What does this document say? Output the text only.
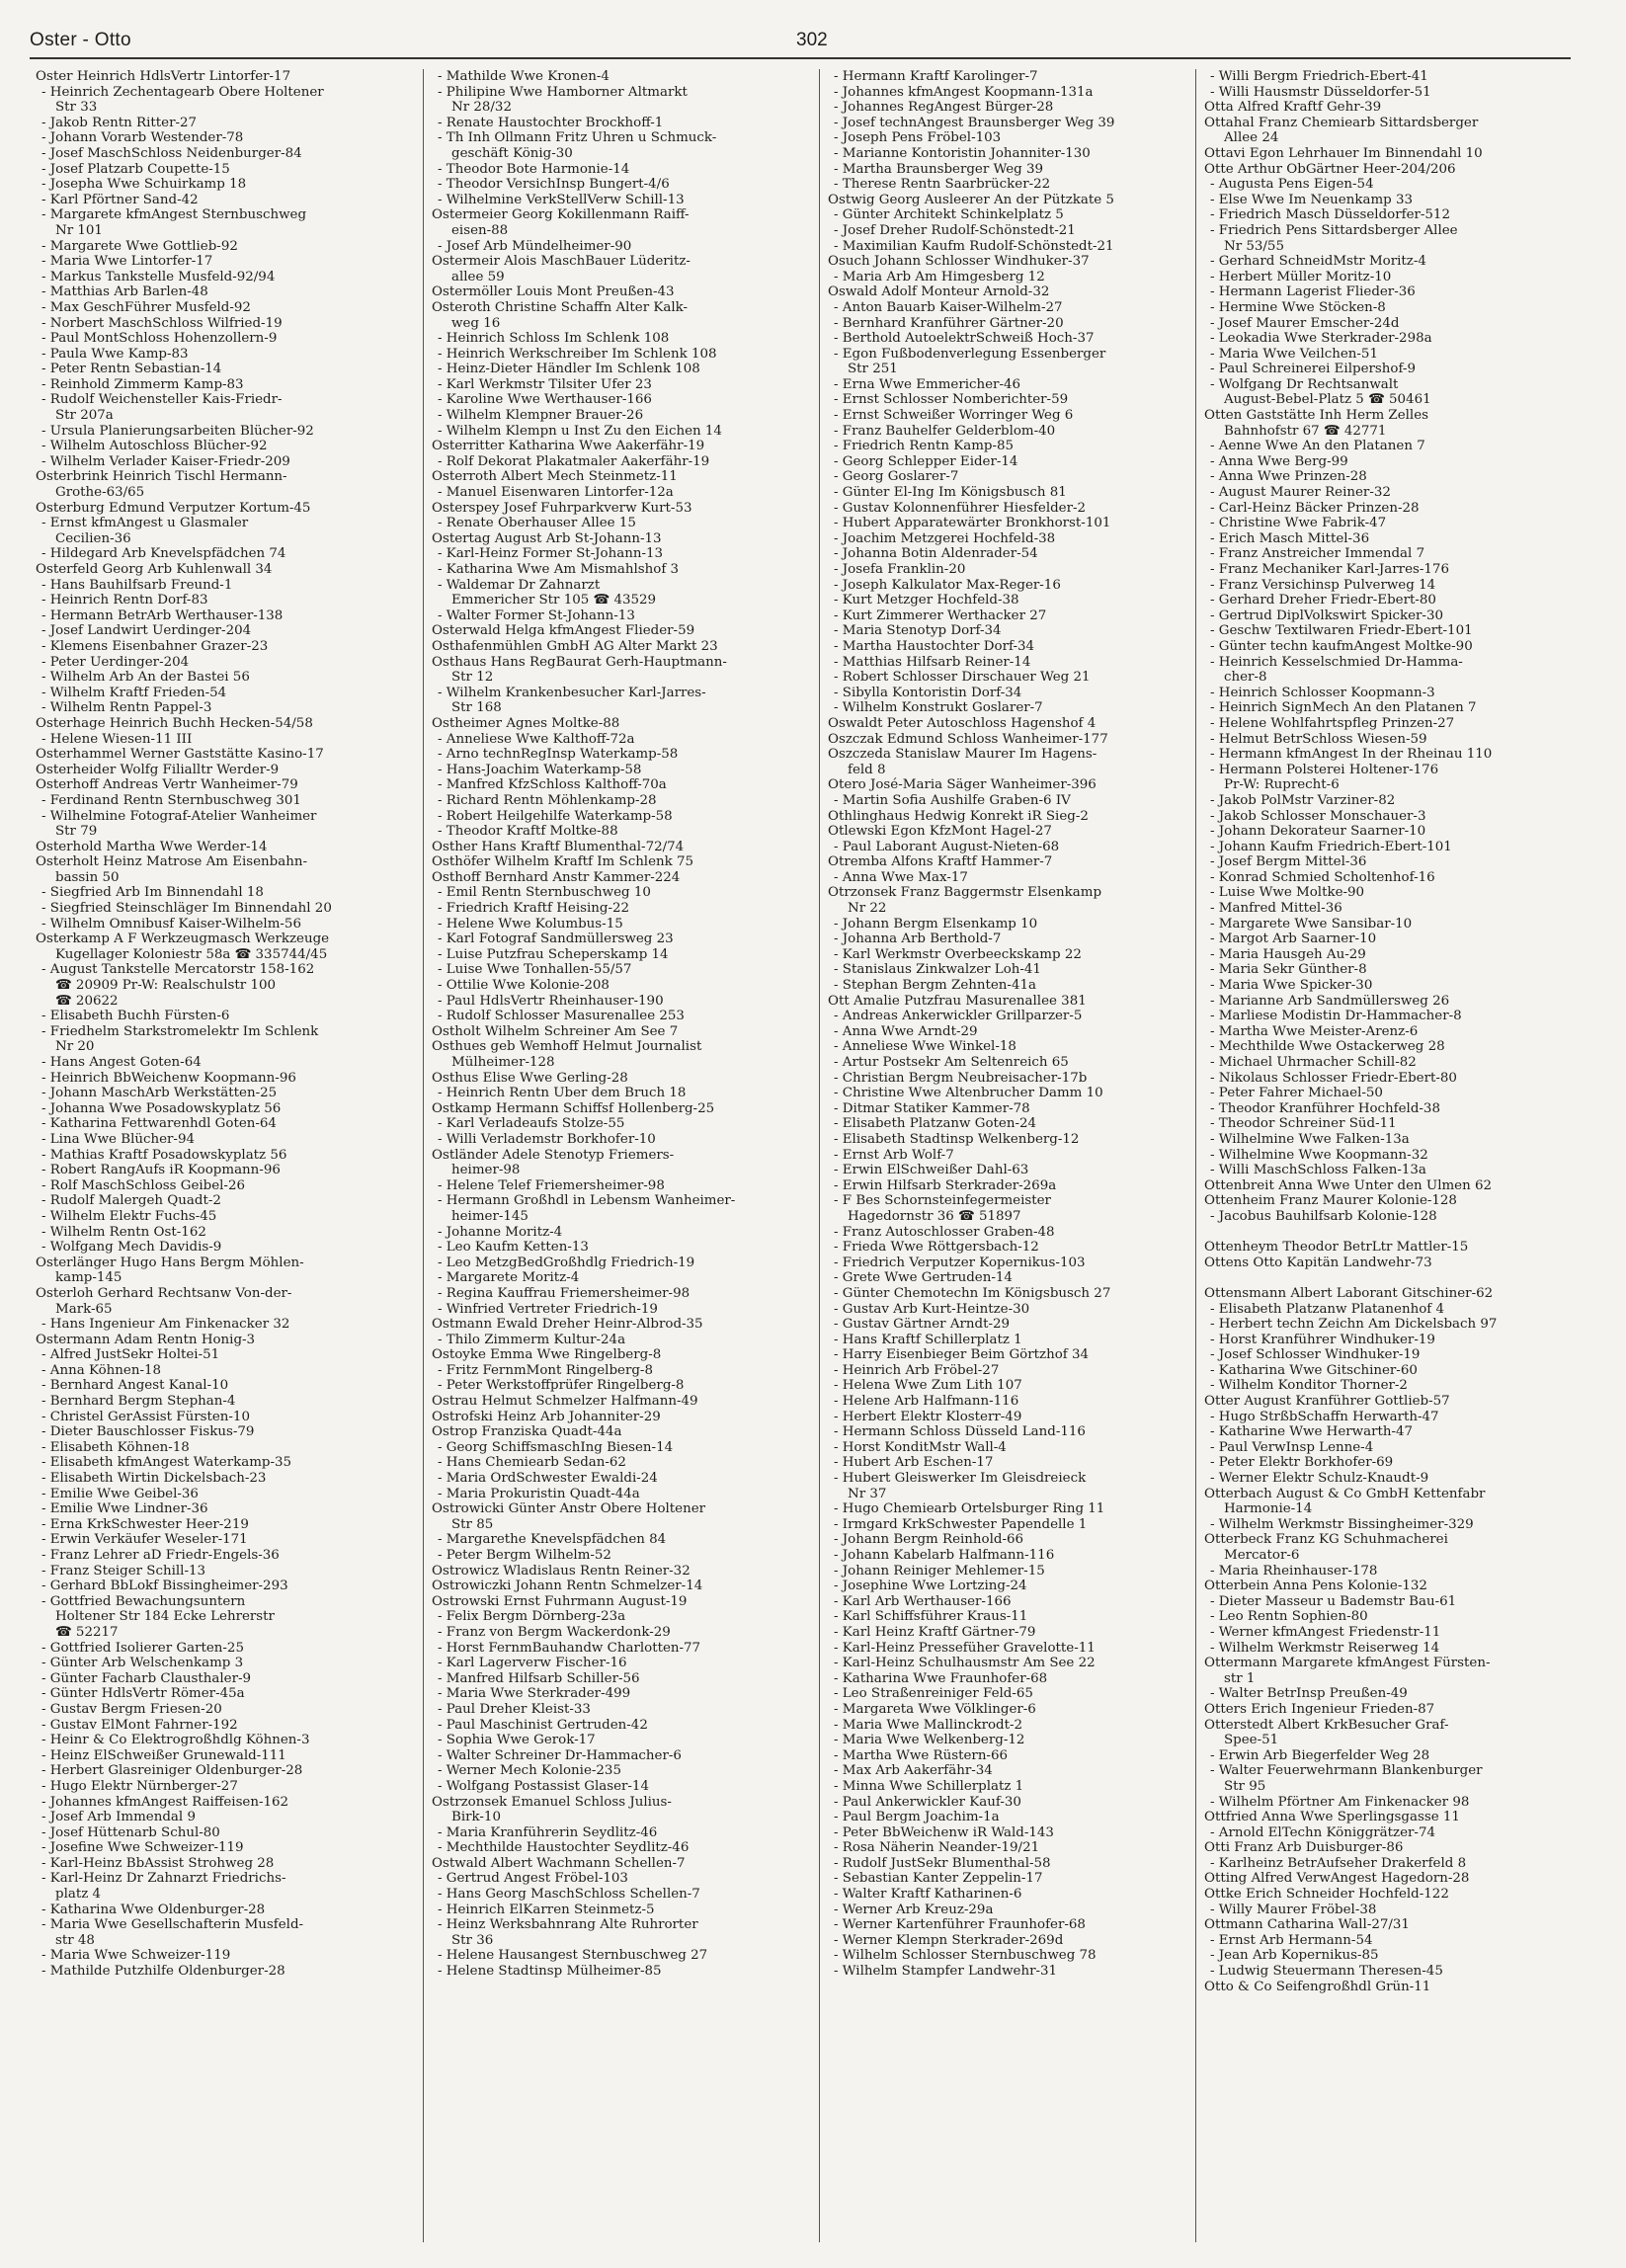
Oster - Otto	302
Oster Heinrich HdlsVertr Lintorfer-17
- Heinrich Zechentagearb Obere Holtener
Str 33
- Jakob Rentn Ritter-27
- Johann Vorarb Westender-78
- Josef MaschSchloss Neidenburger-84
- Josef Platzarb Coupette-15
- Josepha Wwe Schuirkamp 18
- Karl Pförtner Sand-42
- Margarete kfmAngest Sternbuschweg
Nr 101
- Margarete Wwe Gottlieb-92
- Maria Wwe Lintorfer-17
- Markus Tankstelle Musfeld-92/94
- Matthias Arb Barlen-48
- Max GeschFührer Musfeld-92
- Norbert MaschSchloss Wilfried-19
- Paul MontSchloss Hohenzollern-9
- Paula Wwe Kamp-83
- Peter Rentn Sebastian-14
- Reinhold Zimmerm Kamp-83
- Rudolf Weichensteller Kais-Friedr-
Str 207a
- Ursula Planierungsarbeiten Blücher-92
- Wilhelm Autoschloss Blücher-92
- Wilhelm Verlader Kaiser-Friedr-209
Osterbrink Heinrich Tischl Hermann-
Grothe-63/65
Osterburg Edmund Verputzer Kortum-45
- Ernst kfmAngest u Glasmaler
Cecilien-36
- Hildegard Arb Knevelspfädchen 74
Osterfeld Georg Arb Kuhlenwall 34
- Hans Bauhilfsarb Freund-1
- Heinrich Rentn Dorf-83
- Hermann BetrArb Werthauser-138
- Josef Landwirt Uerdinger-204
- Klemens Eisenbahner Grazer-23
- Peter Uerdinger-204
- Wilhelm Arb An der Bastei 56
- Wilhelm Kraftf Frieden-54
- Wilhelm Rentn Pappel-3
Osterhage Heinrich Buchh Hecken-54/58
- Helene Wiesen-11 III
Osterhammel Werner Gaststätte Kasino-17
Osterheider Wolfg Filialltr Werder-9
Osterhoff Andreas Vertr Wanheimer-79
- Ferdinand Rentn Sternbuschweg 301
- Wilhelmine Fotograf-Atelier Wanheimer
Str 79
Osterhold Martha Wwe Werder-14
Osterholt Heinz Matrose Am Eisenbahn-
bassin 50
- Siegfried Arb Im Binnendahl 18
- Siegfried Steinschläger Im Binnendahl 20
- Wilhelm Omnibusf Kaiser-Wilhelm-56
Osterkamp A F Werkzeugmasch Werkzeuge
Kugellager Koloniestr 58a ☎ 335744/45
- August Tankstelle Mercatorstr 158-162
☎ 20909 Pr-W: Realschulstr 100
☎ 20622
- Elisabeth Buchh Fürsten-6
- Friedhelm Starkstromelektr Im Schlenk
Nr 20
- Hans Angest Goten-64
- Heinrich BbWeichenw Koopmann-96
- Johann MaschArb Werkstätten-25
- Johanna Wwe Posadowskyplatz 56
- Katharina Fettwarenhdl Goten-64
- Lina Wwe Blücher-94
- Mathias Kraftf Posadowskyplatz 56
- Robert RangAufs iR Koopmann-96
- Rolf MaschSchloss Geibel-26
- Rudolf Malergeh Quadt-2
- Wilhelm Elektr Fuchs-45
- Wilhelm Rentn Ost-162
- Wolfgang Mech Davidis-9
Osterlänger Hugo Hans Bergm Möhlen-
kamp-145
Osterloh Gerhard Rechtsanw Von-der-
Mark-65
- Hans Ingenieur Am Finkenacker 32
Ostermann Adam Rentn Honig-3
- Alfred JustSekr Holtei-51
- Anna Köhnen-18
- Bernhard Angest Kanal-10
- Bernhard Bergm Stephan-4
- Christel GerAssist Fürsten-10
- Dieter Bauschlosser Fiskus-79
- Elisabeth Köhnen-18
- Elisabeth kfmAngest Waterkamp-35
- Elisabeth Wirtin Dickelsbach-23
- Emilie Wwe Geibel-36
- Emilie Wwe Lindner-36
- Erna KrkSchwester Heer-219
- Erwin Verkäufer Weseler-171
- Franz Lehrer aD Friedr-Engels-36
- Franz Steiger Schill-13
- Gerhard BbLokf Bissingheimer-293
- Gottfried Bewachungsuntern
Holtener Str 184 Ecke Lehrerstr
☎ 52217
- Gottfried Isolierer Garten-25
- Günter Arb Welschenkamp 3
- Günter Facharb Clausthaler-9
- Günter HdlsVertr Römer-45a
- Gustav Bergm Friesen-20
- Gustav ElMont Fahrner-192
- Heinr & Co Elektrogroßhdlg Köhnen-3
- Heinz ElSchweißer Grunewald-111
- Herbert Glasreiniger Oldenburger-28
- Hugo Elektr Nürnberger-27
- Johannes kfmAngest Raiffeisen-162
- Josef Arb Immendal 9
- Josef Hüttenarb Schul-80
- Josefine Wwe Schweizer-119
- Karl-Heinz BbAssist Strohweg 28
- Karl-Heinz Dr Zahnarzt Friedrichs-
platz 4
- Katharina Wwe Oldenburger-28
- Maria Wwe Gesellschafterin Musfeld-
str 48
- Maria Wwe Schweizer-119
- Mathilde Putzhilfe Oldenburger-28
- Mathilde Wwe Kronen-4
- Philipine Wwe Hamborner Altmarkt
Nr 28/32
- Renate Haustochter Brockhoff-1
- Th Inh Ollmann Fritz Uhren u Schmuck-
geschäft König-30
- Theodor Bote Harmonie-14
- Theodor VersichInsp Bungert-4/6
- Wilhelmine VerkStellVerw Schill-13
Ostermeier Georg Kokillenmann Raiff-
eisen-88
- Josef Arb Mündelheimer-90
Ostermeir Alois MaschBauer Lüderitz-
allee 59
Ostermöller Louis Mont Preußen-43
Osteroth Christine Schaffn Alter Kalk-
weg 16
- Heinrich Schloss Im Schlenk 108
- Heinrich Werkschreiber Im Schlenk 108
- Heinz-Dieter Händler Im Schlenk 108
- Karl Werkmstr Tilsiter Ufer 23
- Karoline Wwe Werthauser-166
- Wilhelm Klempner Brauer-26
- Wilhelm Klempn u Inst Zu den Eichen 14
Osterritter Katharina Wwe Aakerfähr-19
- Rolf Dekorat Plakatmaler Aakerfähr-19
Osterroth Albert Mech Steinmetz-11
- Manuel Eisenwaren Lintorfer-12a
Osterspey Josef Fuhrparkverw Kurt-53
- Renate Oberhauser Allee 15
Ostertag August Arb St-Johann-13
- Karl-Heinz Former St-Johann-13
- Katharina Wwe Am Mismahlshof 3
- Waldemar Dr Zahnarzt
Emmericher Str 105 ☎ 43529
- Walter Former St-Johann-13
Osterwald Helga kfmAngest Flieder-59
Osthafenmühlen GmbH AG Alter Markt 23
Osthaus Hans RegBaurat Gerh-Hauptmann-
Str 12
- Wilhelm Krankenbesucher Karl-Jarres-
Str 168
Ostheimer Agnes Moltke-88
- Anneliese Wwe Kalthoff-72a
- Arno technRegInsp Waterkamp-58
- Hans-Joachim Waterkamp-58
- Manfred KfzSchloss Kalthoff-70a
- Richard Rentn Möhlenkamp-28
- Robert Heilgehilfe Waterkamp-58
- Theodor Kraftf Moltke-88
Osther Hans Kraftf Blumenthal-72/74
Osthöfer Wilhelm Kraftf Im Schlenk 75
Osthoff Bernhard Anstr Kammer-224
- Emil Rentn Sternbuschweg 10
- Friedrich Kraftf Heising-22
- Helene Wwe Kolumbus-15
- Karl Fotograf Sandmüllersweg 23
- Luise Putzfrau Scheperskamp 14
- Luise Wwe Tonhallen-55/57
- Ottilie Wwe Kolonie-208
- Paul HdlsVertr Rheinhauser-190
- Rudolf Schlosser Masurenallee 253
Ostholt Wilhelm Schreiner Am See 7
Osthues geb Wemhoff Helmut Journalist
Mülheimer-128
Osthus Elise Wwe Gerling-28
- Heinrich Rentn Über dem Bruch 18
Ostkamp Hermann Schiffsf Hollenberg-25
- Karl Verladeaufs Stolze-55
- Willi Verlademstr Borkhofer-10
Ostländer Adele Stenotyp Friemers-
heimer-98
- Helene Telef Friemersheimer-98
- Hermann Großhdl in Lebensm Wanheimer-
heimer-145
- Johanne Moritz-4
- Leo Kaufm Ketten-13
- Leo MetzgBedGroßhdlg Friedrich-19
- Margarete Moritz-4
- Regina Kauffrau Friemersheimer-98
- Winfried Vertreter Friedrich-19
Ostmann Ewald Dreher Heinr-Albrod-35
- Thilo Zimmerm Kultur-24a
Ostoyke Emma Wwe Ringelberg-8
- Fritz FernmMont Ringelberg-8
- Peter Werkstoffprüfer Ringelberg-8
Ostrau Helmut Schmelzer Halfmann-49
Ostrofski Heinz Arb Johanniter-29
Ostrop Franziska Quadt-44a
- Georg SchiffsmaschIng Biesen-14
- Hans Chemiearb Sedan-62
- Maria OrdSchwester Ewaldi-24
- Maria Prokuristin Quadt-44a
Ostrowicki Günter Anstr Obere Holtener
Str 85
- Margarethe Knevelspfädchen 84
- Peter Bergm Wilhelm-52
Ostrowicz Wladislaus Rentn Reiner-32
Ostrowiczki Johann Rentn Schmelzer-14
Ostrowski Ernst Fuhrmann August-19
- Felix Bergm Dörnberg-23a
- Franz von Bergm Wackerdonk-29
- Horst FernmBauhandw Charlotten-77
- Karl Lagerverw Fischer-16
- Manfred Hilfsarb Schiller-56
- Maria Wwe Sterkrader-499
- Paul Dreher Kleist-33
- Paul Maschinist Gertruden-42
- Sophia Wwe Gerok-17
- Walter Schreiner Dr-Hammacher-6
- Werner Mech Kolonie-235
- Wolfgang Postassist Glaser-14
Ostrzonsek Emanuel Schloss Julius-
Birk-10
- Maria Kranführerin Seydlitz-46
- Mechthilde Haustochter Seydlitz-46
Ostwald Albert Wachmann Schellen-7
- Gertrud Angest Fröbel-103
- Hans Georg MaschSchloss Schellen-7
- Heinrich ElKarren Steinmetz-5
- Heinz Werksbahnrang Alte Ruhrorter
Str 36
- Helene Hausangest Sternbuschweg 27
- Helene Stadtinsp Mülheimer-85
- Hermann Kraftf Karolinger-7
- Johannes kfmAngest Koopmann-131a
- Johannes RegAngest Bürger-28
- Josef technAngest Braunsberger Weg 39
- Joseph Pens Fröbel-103
- Marianne Kontoristin Johanniter-130
- Martha Braunsberger Weg 39
- Therese Rentn Saarbrücker-22
Ostwig Georg Ausleerer An der Pützkate 5
- Günter Architekt Schinkelplatz 5
- Josef Dreher Rudolf-Schönstedt-21
- Maximilian Kaufm Rudolf-Schönstedt-21
Osuch Johann Schlosser Windhuker-37
- Maria Arb Am Himgesberg 12
Oswald Adolf Monteur Arnold-32
- Anton Bauarb Kaiser-Wilhelm-27
- Bernhard Kranführer Gärtner-20
- Berthold AutoelektrSchweiß Hoch-37
- Egon Fußbodenverlegung Essenberger
Str 251
- Erna Wwe Emmericher-46
- Ernst Schlosser Nomberichter-59
- Ernst Schweißer Worringer Weg 6
- Franz Bauhelfer Gelderblom-40
- Friedrich Rentn Kamp-85
- Georg Schlepper Eider-14
- Georg Goslarer-7
- Günter El-Ing Im Königsbusch 81
- Gustav Kolonnenführer Hiesfelder-2
- Hubert Apparatewärter Bronkhorst-101
- Joachim Metzgerei Hochfeld-38
- Johanna Botin Aldenrader-54
- Josefa Franklin-20
- Joseph Kalkulator Max-Reger-16
- Kurt Metzger Hochfeld-38
- Kurt Zimmerer Werthacker 27
- Maria Stenotyp Dorf-34
- Martha Haustochter Dorf-34
- Matthias Hilfsarb Reiner-14
- Robert Schlosser Dirschauer Weg 21
- Sibylla Kontoristin Dorf-34
- Wilhelm Konstrukt Goslarer-7
Oswaldt Peter Autoschloss Hagenshof 4
Oszczak Edmund Schloss Wanheimer-177
Oszczeda Stanislaw Maurer Im Hagens-
feld 8
Otero José-Maria Säger Wanheimer-396
- Martin Sofia Aushilfe Graben-6 IV
Othlinghaus Hedwig Konrekt iR Sieg-2
Otlewski Egon KfzMont Hagel-27
- Paul Laborant August-Nieten-68
Otremba Alfons Kraftf Hammer-7
- Anna Wwe Max-17
Otrzonsek Franz Baggermstr Elsenkamp
Nr 22
- Johann Bergm Elsenkamp 10
- Johanna Arb Berthold-7
- Karl Werkmstr Overbeeckskamp 22
- Stanislaus Zinkwalzer Loh-41
- Stephan Bergm Zehnten-41a
Ott Amalie Putzfrau Masurenallee 381
- Andreas Ankerwickler Grillparzer-5
- Anna Wwe Arndt-29
- Anneliese Wwe Winkel-18
- Artur Postsekr Am Seltenreich 65
- Christian Bergm Neubreisacher-17b
- Christine Wwe Altenbrucher Damm 10
- Ditmar Statiker Kammer-78
- Elisabeth Platzanw Goten-24
- Elisabeth Stadtinsp Welkenberg-12
- Ernst Arb Wolf-7
- Erwin ElSchweißer Dahl-63
- Erwin Hilfsarb Sterkrader-269a
- F Bes Schornsteinfegermeister
Hagedornstr 36 ☎ 51897
- Franz Autoschlosser Graben-48
- Frieda Wwe Röttgersbach-12
- Friedrich Verputzer Kopernikus-103
- Grete Wwe Gertruden-14
- Günter Chemotechn Im Königsbusch 27
- Gustav Arb Kurt-Heintze-30
- Gustav Gärtner Arndt-29
- Hans Kraftf Schillerplatz 1
- Harry Eisenbieger Beim Görtzhof 34
- Heinrich Arb Fröbel-27
- Helena Wwe Zum Lith 107
- Helene Arb Halfmann-116
- Herbert Elektr Klosterr-49
- Hermann Schloss Düsseld Land-116
- Horst KonditMstr Wall-4
- Hubert Arb Eschen-17
- Hubert Gleiswerker Im Gleisdreieck
Nr 37
- Hugo Chemiearb Ortelsburger Ring 11
- Irmgard KrkSchwester Papendelle 1
- Johann Bergm Reinhold-66
- Johann Kabelarb Halfmann-116
- Johann Reiniger Mehlemer-15
- Josephine Wwe Lortzing-24
- Karl Arb Werthauser-166
- Karl Schiffsführer Kraus-11
- Karl Heinz Kraftf Gärtner-79
- Karl-Heinz Pressefüher Gravelotte-11
- Karl-Heinz Schulhausmstr Am See 22
- Katharina Wwe Fraunhofer-68
- Leo Straßenreiniger Feld-65
- Margareta Wwe Völklinger-6
- Maria Wwe Mallinckrodt-2
- Maria Wwe Welkenberg-12
- Martha Wwe Rüstern-66
- Max Arb Aakerfähr-34
- Minna Wwe Schillerplatz 1
- Paul Ankerwickler Kauf-30
- Paul Bergm Joachim-1a
- Peter BbWeichenw iR Wald-143
- Rosa Näherin Neander-19/21
- Rudolf JustSekr Blumenthal-58
- Sebastian Kanter Zeppelin-17
- Walter Kraftf Katharinen-6
- Werner Arb Kreuz-29a
- Werner Kartenführer Fraunhofer-68
- Werner Klempn Sterkrader-269d
- Wilhelm Schlosser Sternbuschweg 78
- Wilhelm Stampfer Landwehr-31
- Willi Bergm Friedrich-Ebert-41
- Willi Hausmstr Düsseldorfer-51
Otta Alfred Kraftf Gehr-39
Ottahal Franz Chemiearb Sittardsberger
Allee 24
Ottavi Egon Lehrhauer Im Binnendahl 10
Otte Arthur ObGärtner Heer-204/206
- Augusta Pens Eigen-54
- Else Wwe Im Neuenkamp 33
- Friedrich Masch Düsseldorfer-512
- Friedrich Pens Sittardsberger Allee
Nr 53/55
- Gerhard SchneidMstr Moritz-4
- Herbert Müller Moritz-10
- Hermann Lagerist Flieder-36
- Hermine Wwe Stöcken-8
- Josef Maurer Emscher-24d
- Leokadia Wwe Sterkrader-298a
- Maria Wwe Veilchen-51
- Paul Schreinerei Eilpershof-9
- Wolfgang Dr Rechtsanwalt
August-Bebel-Platz 5 ☎ 50461
Otten Gaststätte Inh Herm Zelles
Bahnhofstr 67 ☎ 42771
- Aenne Wwe An den Platanen 7
- Anna Wwe Berg-99
- Anna Wwe Prinzen-28
- August Maurer Reiner-32
- Carl-Heinz Bäcker Prinzen-28
- Christine Wwe Fabrik-47
- Erich Masch Mittel-36
- Franz Anstreicher Immendal 7
- Franz Mechaniker Karl-Jarres-176
- Franz Versichinsp Pulverweg 14
- Gerhard Dreher Friedr-Ebert-80
- Gertrud DiplVolkswirt Spicker-30
- Geschw Textilwaren Friedr-Ebert-101
- Günter techn kaufmAngest Moltke-90
- Heinrich Kesselschmied Dr-Hamma-
cher-8
- Heinrich Schlosser Koopmann-3
- Heinrich SignMech An den Platanen 7
- Helene Wohlfahrtspfleg Prinzen-27
- Helmut BetrSchloss Wiesen-59
- Hermann kfmAngest In der Rheinau 110
- Hermann Polsterei Holtener-176
Pr-W: Ruprecht-6
- Jakob PolMstr Varziner-82
- Jakob Schlosser Monschauer-3
- Johann Dekorateur Saarner-10
- Johann Kaufm Friedrich-Ebert-101
- Josef Bergm Mittel-36
- Konrad Schmied Scholtenhof-16
- Luise Wwe Moltke-90
- Manfred Mittel-36
- Margarete Wwe Sansibar-10
- Margot Arb Saarner-10
- Maria Hausgeh Au-29
- Maria Sekr Günther-8
- Maria Wwe Spicker-30
- Marianne Arb Sandmüllersweg 26
- Marliese Modistin Dr-Hammacher-8
- Martha Wwe Meister-Arenz-6
- Mechthilde Wwe Ostackerweg 28
- Michael Uhrmacher Schill-82
- Nikolaus Schlosser Friedr-Ebert-80
- Peter Fahrer Michael-50
- Theodor Kranführer Hochfeld-38
- Theodor Schreiner Süd-11
- Wilhelmine Wwe Falken-13a
- Wilhelmine Wwe Koopmann-32
- Willi MaschSchloss Falken-13a
Ottenbreit Anna Wwe Unter den Ulmen 62
Ottenheim Franz Maurer Kolonie-128
- Jacobus Bauhilfsarb Kolonie-128
Ottenheym Theodor BetrLtr Mattler-15
Ottens Otto Kapitän Landwehr-73
Ottensmann Albert Laborant Gitschiner-62
- Elisabeth Platzanw Platanenhof 4
- Herbert techn Zeichn Am Dickelsbach 97
- Horst Kranführer Windhuker-19
- Josef Schlosser Windhuker-19
- Katharina Wwe Gitschiner-60
- Wilhelm Konditor Thorner-2
Otter August Kranführer Gottlieb-57
- Hugo StrßbSchaffn Herwarth-47
- Katharine Wwe Herwarth-47
- Paul VerwInsp Lenne-4
- Peter Elektr Borkhofer-69
- Werner Elektr Schulz-Knaudt-9
Otterbach August & Co GmbH Kettenfabr
Harmonie-14
- Wilhelm Werkmstr Bissingheimer-329
Otterbeck Franz KG Schuhmacherei
Mercator-6
- Maria Rheinhauser-178
Otterbein Anna Pens Kolonie-132
- Dieter Masseur u Bademstr Bau-61
- Leo Rentn Sophien-80
- Werner kfmAngest Friedenstr-11
- Wilhelm Werkmstr Reiserweg 14
Ottermann Margarete kfmAngest Fürsten-
str 1
- Walter BetrInsp Preußen-49
Otters Erich Ingenieur Frieden-87
Otterstedt Albert KrkBesucher Graf-
Spee-51
- Erwin Arb Biegerfelder Weg 28
- Walter Feuerwehrmann Blankenburger
Str 95
- Wilhelm Pförtner Am Finkenacker 98
Ottfried Anna Wwe Sperlingsgasse 11
- Arnold ElTechn Königgrätzer-74
Otti Franz Arb Duisburger-86
- Karlheinz BetrAufseher Drakerfeld 8
Otting Alfred VerwAngest Hagedorn-28
Ottke Erich Schneider Hochfeld-122
- Willy Maurer Fröbel-38
Ottmann Catharina Wall-27/31
- Ernst Arb Hermann-54
- Jean Arb Kopernikus-85
- Ludwig Steuermann Theresen-45
Otto & Co Seifengroßhdl Grün-11
